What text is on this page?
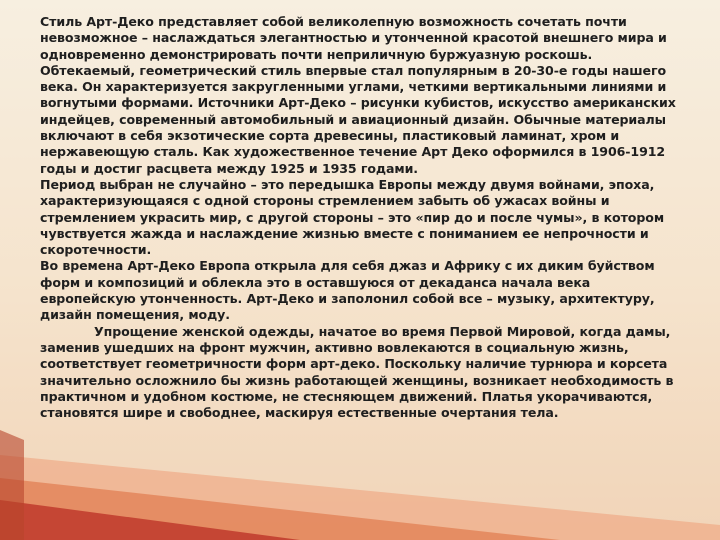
Стиль Арт-Деко представляет собой великолепную возможность сочетать почти невозможное – наслаждаться элегантностью и утонченной красотой внешнего мира и одновременно демонстрировать почти неприличную буржуазную роскошь. Обтекаемый, геометрический стиль впервые стал популярным в 20-30-е годы нашего века. Он характеризуется закругленными углами, четкими вертикальными линиями и вогнутыми формами. Источники Арт-Деко – рисунки кубистов, искусство американских индейцев, современный автомобильный и авиационный дизайн. Обычные материалы включают в себя экзотические сорта древесины, пластиковый ламинат, хром и нержавеющую сталь. Как художественное течение Арт Деко оформился в 1906-1912 годы и достиг расцвета между 1925 и 1935 годами.

Период выбран не случайно – это передышка Европы между двумя войнами, эпоха, характеризующаяся с одной стороны стремлением забыть об ужасах войны и стремлением украсить мир, с другой стороны – это «пир до и после чумы», в котором чувствуется жажда и наслаждение жизнью вместе с пониманием ее непрочности и скоротечности.

Во времена Арт-Деко Европа открыла для себя джаз и Африку с их диким буйством форм и композиций и облекла это в оставшуюся от декаданса начала века европейскую утонченность. Арт-Деко и заполонил собой все – музыку, архитектуру, дизайн помещения, моду.

Упрощение женской одежды, начатое во время Первой Мировой, когда дамы, заменив ушедших на фронт мужчин, активно вовлекаются в социальную жизнь, соответствует геометричности форм арт-деко. Поскольку наличие турнюра и корсета значительно осложнило бы жизнь работающей женщины, возникает необходимость в практичном и удобном костюме, не стесняющем движений. Платья укорачиваются, становятся шире и свободнее, маскируя естественные очертания тела.
